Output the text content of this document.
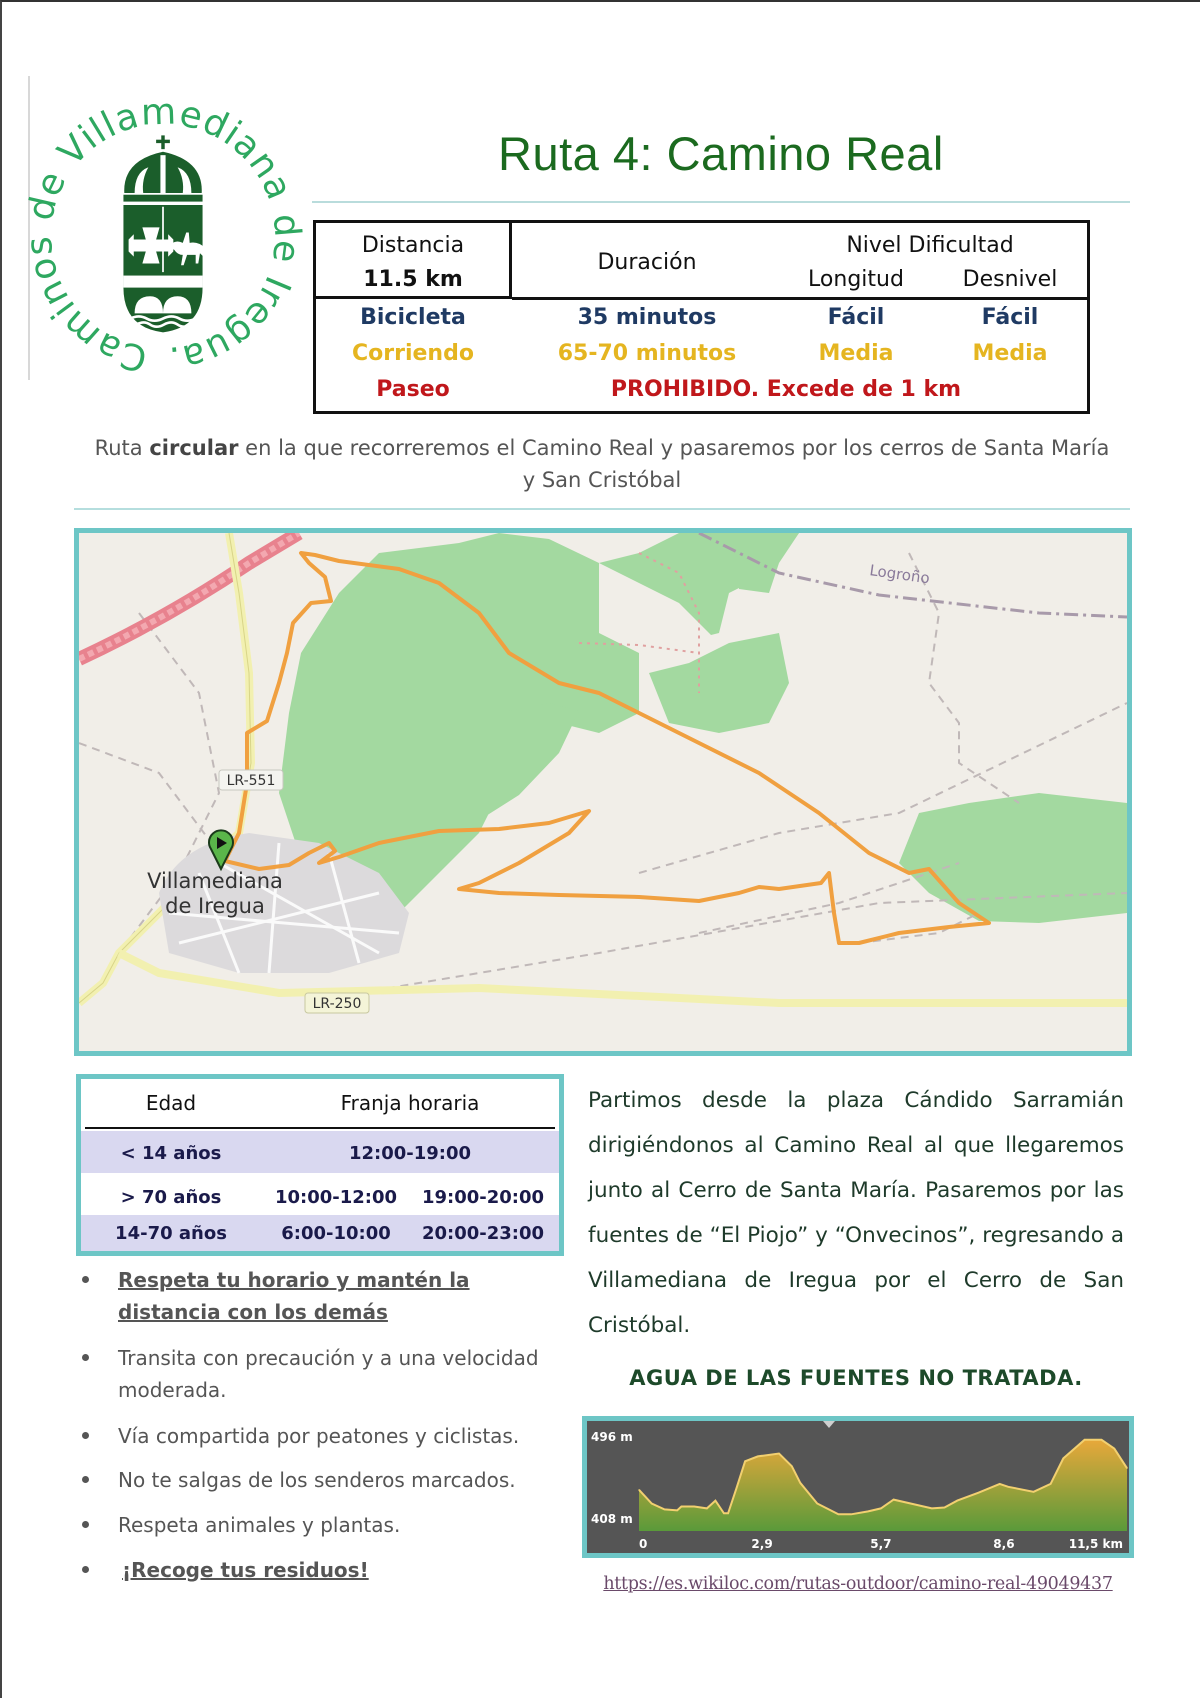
Caminos de Villamediana de Iregua.
Ruta 4: Camino Real
Distancia
11.5 km
Duración
Nivel Dificultad
Longitud	Desnivel
Bicicleta	35 minutos	Fácil	Fácil
Corriendo	65-70 minutos	Media	Media
Paseo	PROHIBIDO. Excede de 1 km
Ruta circular en la que recorreremos el Camino Real y pasaremos por los cerros de Santa María
y San Cristóbal
LR-551
LR-250
Villamediana
de Iregua
Logroño
Edad	Franja horaria
< 14 años	12:00-19:00
> 70 años	10:00-12:00	19:00-20:00
14-70 años	6:00-10:00	20:00-23:00
Respeta tu horario y mantén la distancia con los demás
Transita con precaución y a una velocidad moderada.
Vía compartida por peatones y ciclistas.
No te salgas de los senderos marcados.
Respeta animales y plantas.
¡Recoge tus residuos!
Partimos desde la plaza Cándido Sarramián dirigiéndonos al Camino Real al que llegaremos junto al Cerro de Santa María. Pasaremos por las fuentes de “El Piojo” y “Onvecinos”, regresando a Villamediana de Iregua por el Cerro de San Cristóbal.
AGUA DE LAS FUENTES NO TRATADA.
496 m
408 m
0	2,9	5,7	8,6	11,5 km
https://es.wikiloc.com/rutas-outdoor/camino-real-49049437
